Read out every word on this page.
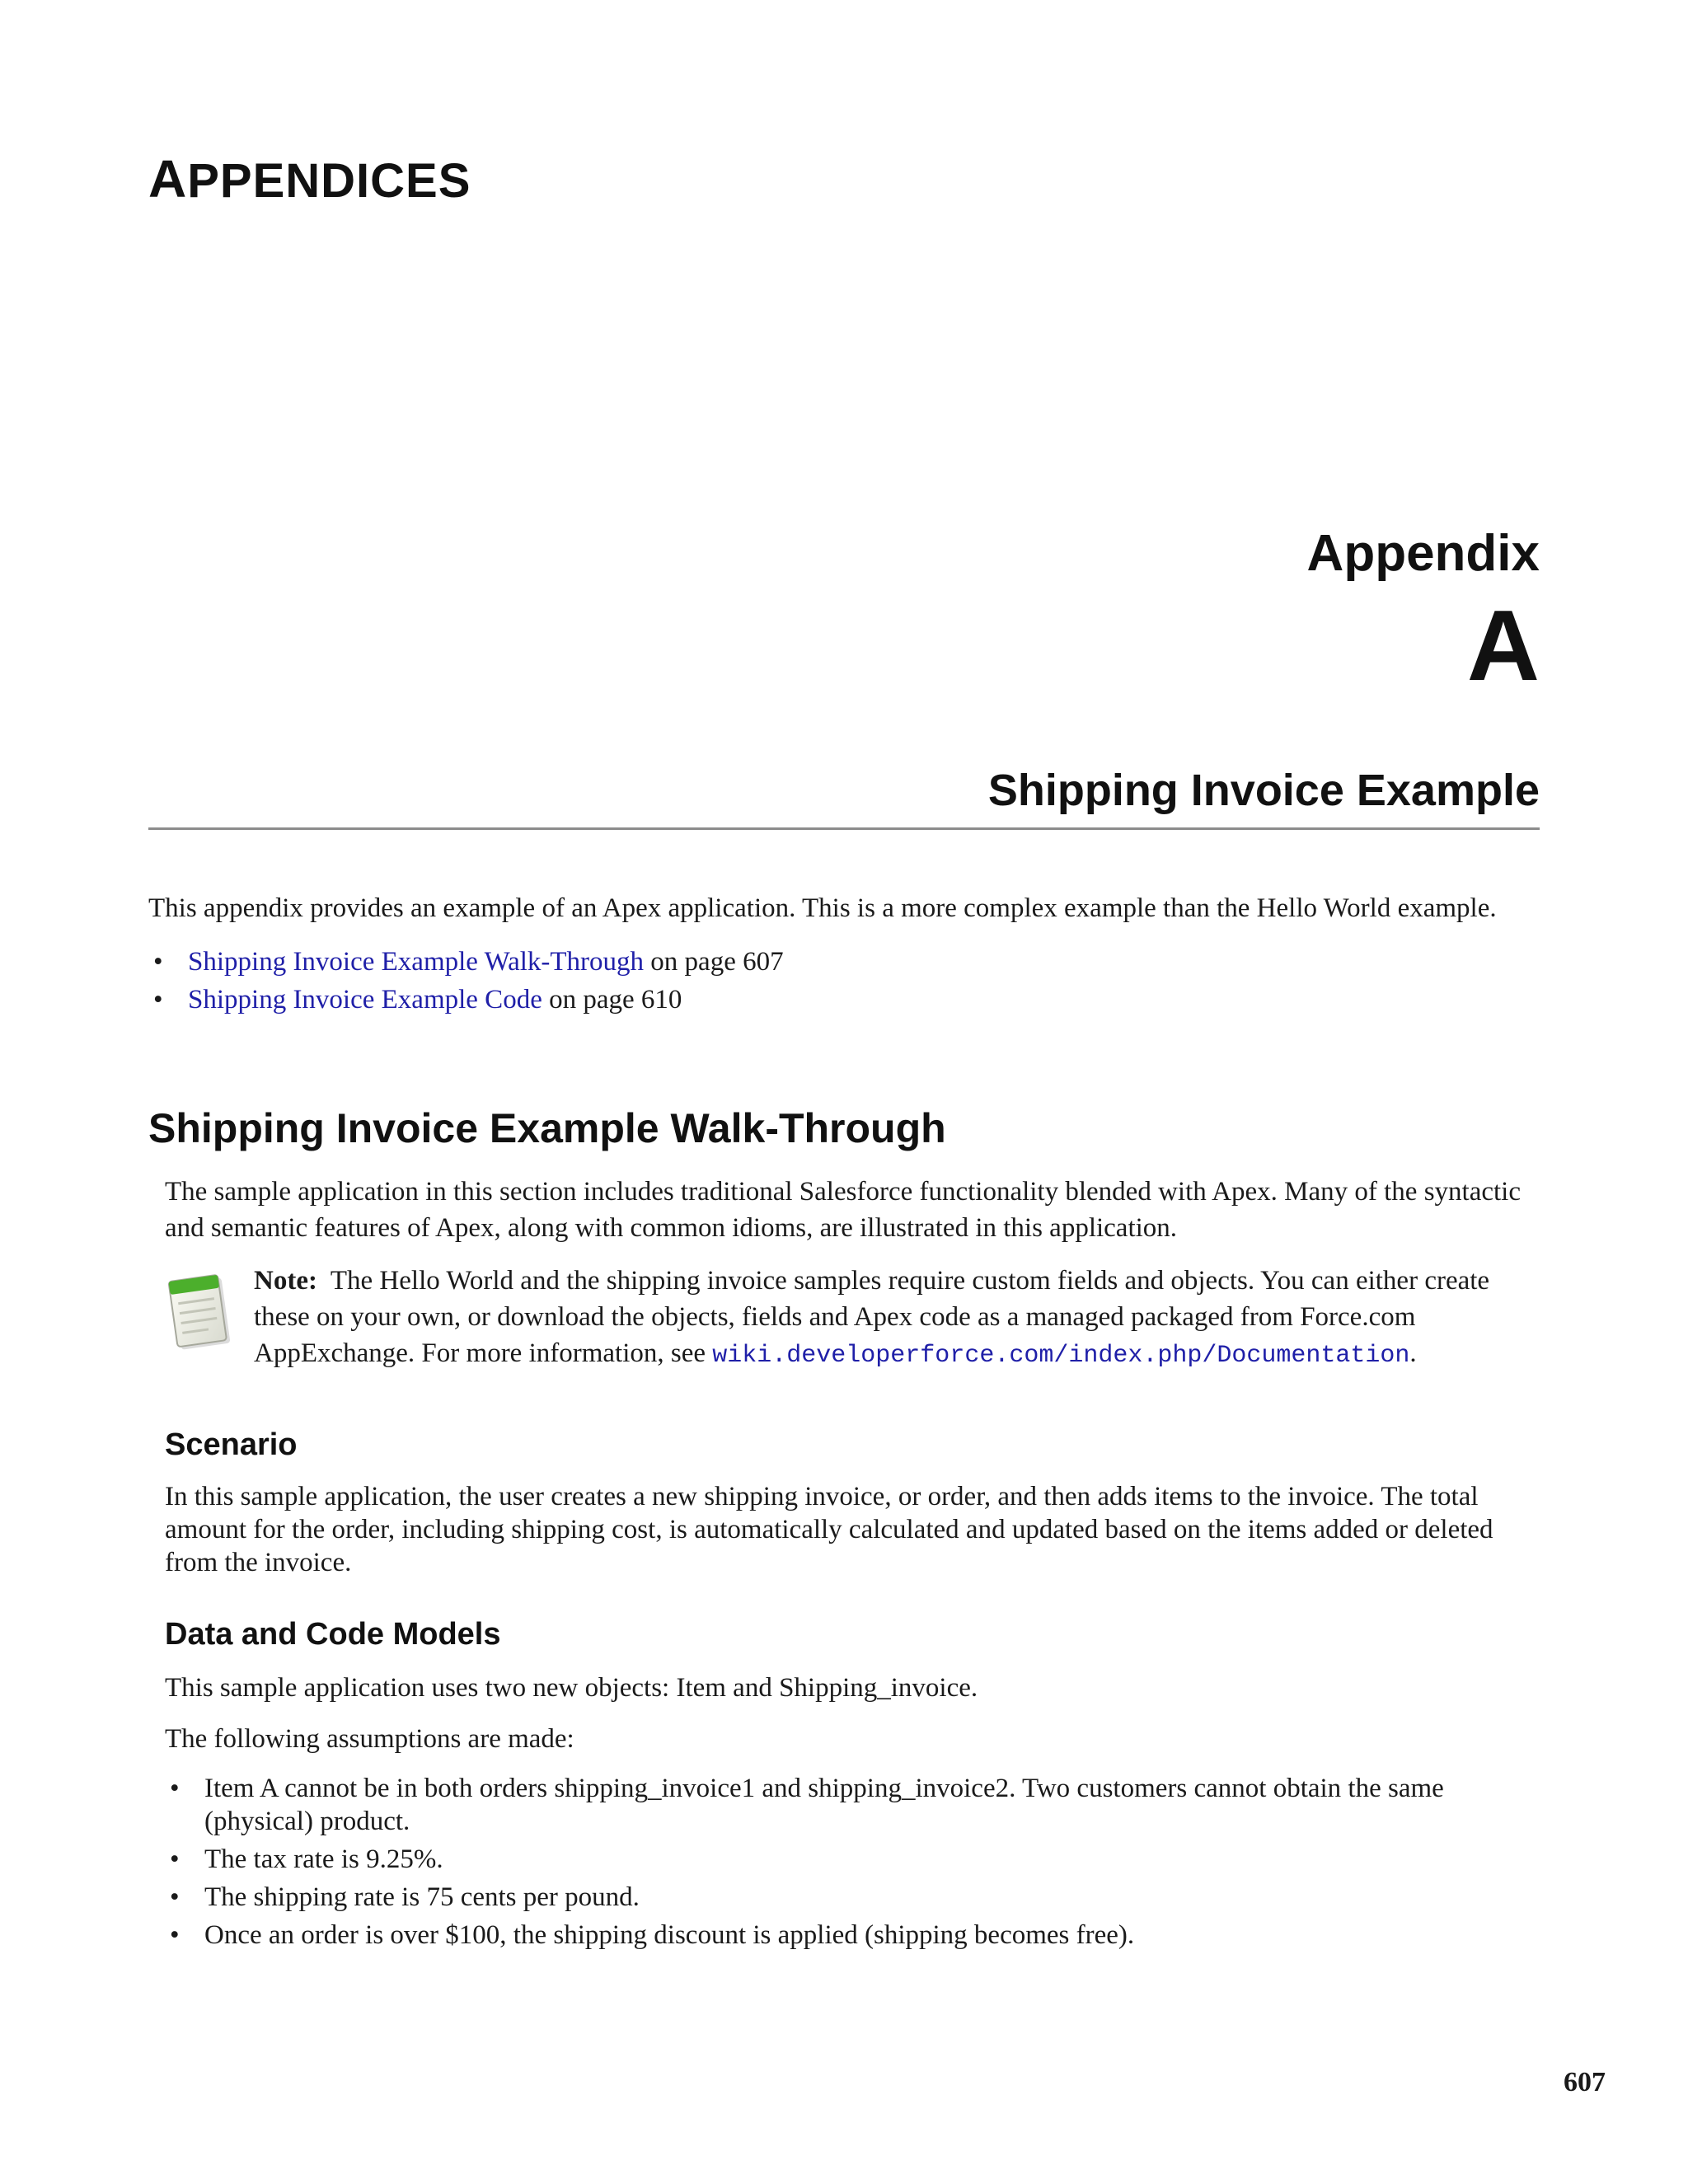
APPENDICES
Appendix
A
Shipping Invoice Example
This appendix provides an example of an Apex application. This is a more complex example than the Hello World example.
• Shipping Invoice Example Walk-Through on page 607
• Shipping Invoice Example Code on page 610
Shipping Invoice Example Walk-Through
The sample application in this section includes traditional Salesforce functionality blended with Apex. Many of the syntactic and semantic features of Apex, along with common idioms, are illustrated in this application.
Note: The Hello World and the shipping invoice samples require custom fields and objects. You can either create these on your own, or download the objects, fields and Apex code as a managed packaged from Force.com AppExchange. For more information, see wiki.developerforce.com/index.php/Documentation.
Scenario
In this sample application, the user creates a new shipping invoice, or order, and then adds items to the invoice. The total amount for the order, including shipping cost, is automatically calculated and updated based on the items added or deleted from the invoice.
Data and Code Models
This sample application uses two new objects: Item and Shipping_invoice.
The following assumptions are made:
• Item A cannot be in both orders shipping_invoice1 and shipping_invoice2. Two customers cannot obtain the same (physical) product.
• The tax rate is 9.25%.
• The shipping rate is 75 cents per pound.
• Once an order is over $100, the shipping discount is applied (shipping becomes free).
607
